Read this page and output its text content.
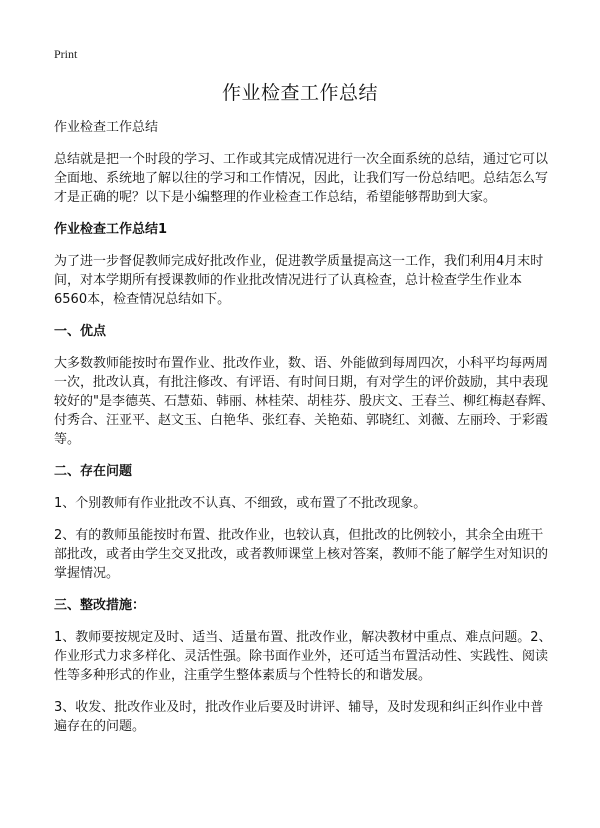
Print
作业检查工作总结

作业检查工作总结

总结就是把一个时段的学习、工作或其完成情况进行一次全面系统的总结，通过它可以全面地、系统地了解以往的学习和工作情况，因此，让我们写一份总结吧。总结怎么写才是正确的呢？以下是小编整理的作业检查工作总结，希望能够帮助到大家。

作业检查工作总结1

为了进一步督促教师完成好批改作业，促进教学质量提高这一工作，我们利用4月末时间，对本学期所有授课教师的作业批改情况进行了认真检查，总计检查学生作业本6560本，检查情况总结如下。

一、优点

大多数教师能按时布置作业、批改作业，数、语、外能做到每周四次，小科平均每两周一次，批改认真，有批注修改、有评语、有时间日期，有对学生的评价鼓励，其中表现较好的"是李德英、石慧茹、韩丽、林桂荣、胡桂芬、殷庆文、王春兰、柳红梅赵春辉、付秀合、汪亚平、赵文玉、白艳华、张红春、关艳茹、郭晓红、刘薇、左丽玲、于彩霞等。

二、存在问题

1、个别教师有作业批改不认真、不细致，或布置了不批改现象。

2、有的教师虽能按时布置、批改作业，也较认真，但批改的比例较小，其余全由班干部批改，或者由学生交叉批改，或者教师课堂上核对答案，教师不能了解学生对知识的掌握情况。

三、整改措施：

1、教师要按规定及时、适当、适量布置、批改作业，解决教材中重点、难点问题。2、作业形式力求多样化、灵活性强。除书面作业外，还可适当布置活动性、实践性、阅读性等多种形式的作业，注重学生整体素质与个性特长的和谐发展。

3、收发、批改作业及时，批改作业后要及时讲评、辅导，及时发现和纠正纠作业中普遍存在的问题。
